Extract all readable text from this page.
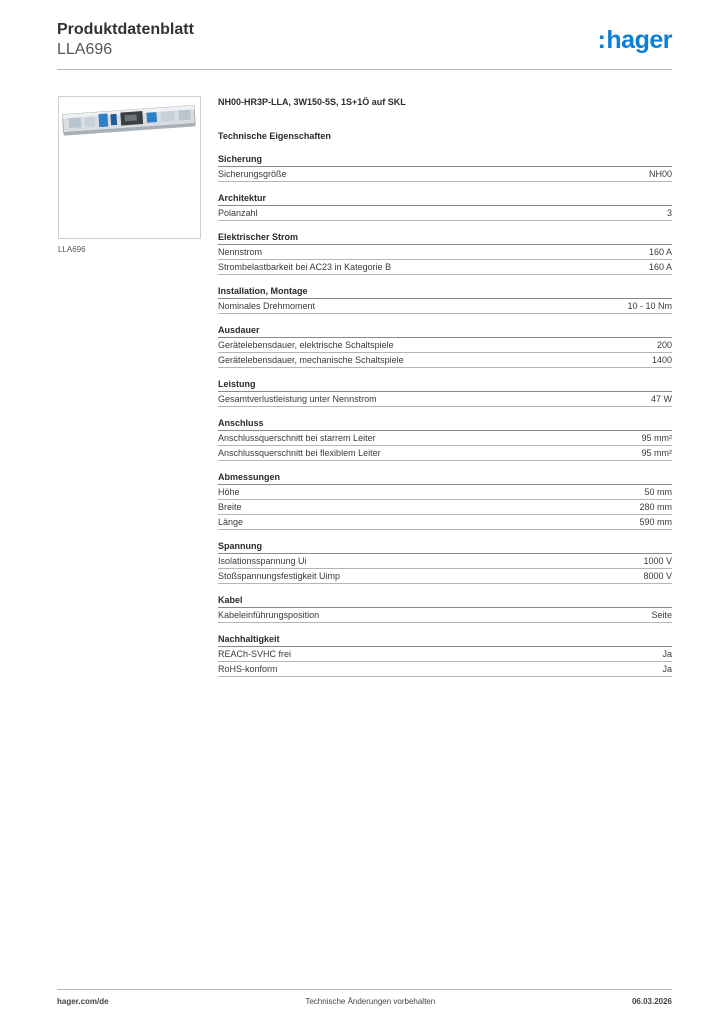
Produktdatenblatt
LLA696	:hager
LLA696
NH00-HR3P-LLA, 3W150-5S, 1S+1Ö auf SKL
Technische Eigenschaften
Sicherung
Sicherungsgröße	NH00
Architektur
Polanzahl	3
Elektrischer Strom
Nennstrom	160 A
Strombelastbarkeit bei AC23 in Kategorie B	160 A
Installation, Montage
Nominales Drehmoment	10 - 10 Nm
Ausdauer
Gerätelebensdauer, elektrische Schaltspiele	200
Gerätelebensdauer, mechanische Schaltspiele	1400
Leistung
Gesamtverlustleistung unter Nennstrom	47 W
Anschluss
Anschlussquerschnitt bei starrem Leiter	95 mm²
Anschlussquerschnitt bei flexiblem Leiter	95 mm²
Abmessungen
Höhe	50 mm
Breite	280 mm
Länge	590 mm
Spannung
Isolationsspannung Ui	1000 V
Stoßspannungsfestigkeit Uimp	8000 V
Kabel
Kabeleinführungsposition	Seite
Nachhaltigkeit
REACh-SVHC frei	Ja
RoHS-konform	Ja
hager.com/de	Technische Änderungen vorbehalten	06.03.2026
